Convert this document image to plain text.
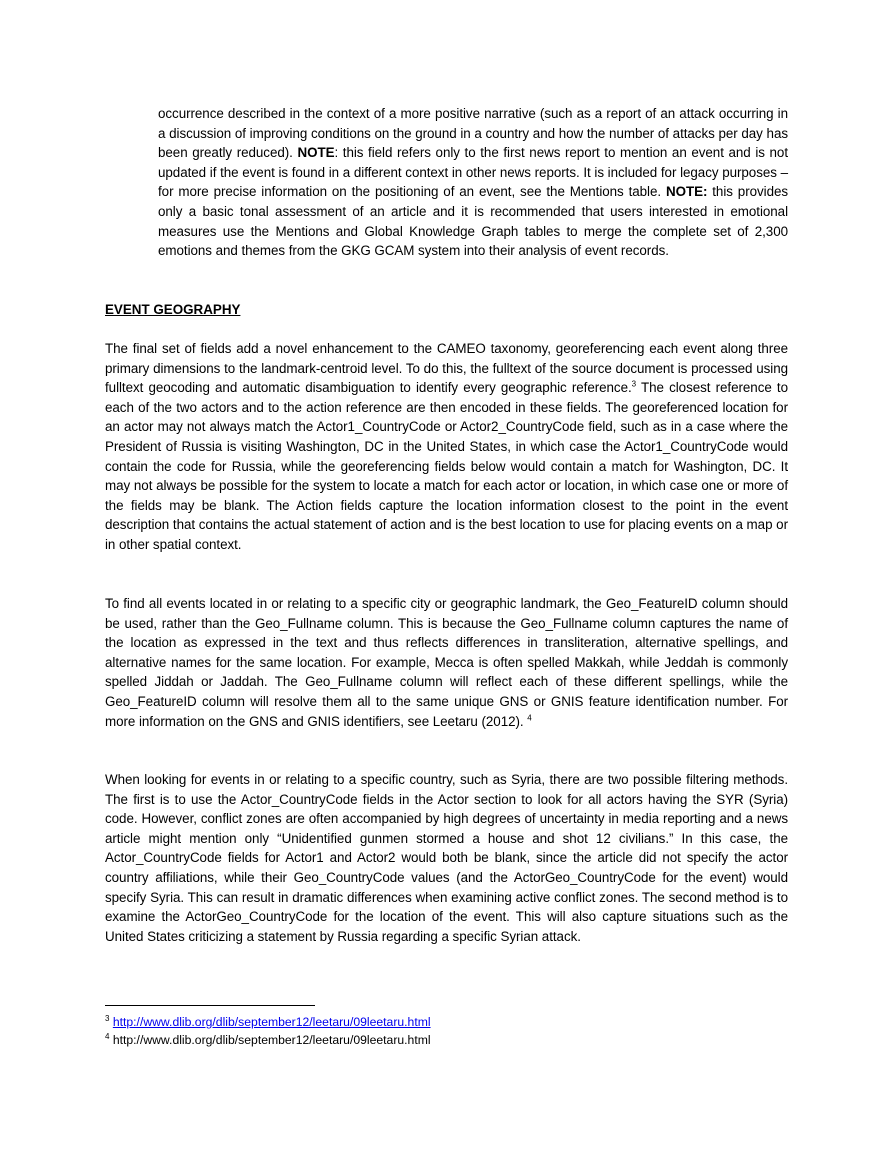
occurrence described in the context of a more positive narrative (such as a report of an attack occurring in a discussion of improving conditions on the ground in a country and how the number of attacks per day has been greatly reduced). NOTE: this field refers only to the first news report to mention an event and is not updated if the event is found in a different context in other news reports. It is included for legacy purposes – for more precise information on the positioning of an event, see the Mentions table. NOTE: this provides only a basic tonal assessment of an article and it is recommended that users interested in emotional measures use the Mentions and Global Knowledge Graph tables to merge the complete set of 2,300 emotions and themes from the GKG GCAM system into their analysis of event records.

EVENT GEOGRAPHY

The final set of fields add a novel enhancement to the CAMEO taxonomy, georeferencing each event along three primary dimensions to the landmark-centroid level. To do this, the fulltext of the source document is processed using fulltext geocoding and automatic disambiguation to identify every geographic reference.$^3$ The closest reference to each of the two actors and to the action reference are then encoded in these fields. The georeferenced location for an actor may not always match the Actor1_CountryCode or Actor2_CountryCode field, such as in a case where the President of Russia is visiting Washington, DC in the United States, in which case the Actor1_CountryCode would contain the code for Russia, while the georeferencing fields below would contain a match for Washington, DC. It may not always be possible for the system to locate a match for each actor or location, in which case one or more of the fields may be blank. The Action fields capture the location information closest to the point in the event description that contains the actual statement of action and is the best location to use for placing events on a map or in other spatial context.

To find all events located in or relating to a specific city or geographic landmark, the Geo_FeatureID column should be used, rather than the Geo_Fullname column. This is because the Geo_Fullname column captures the name of the location as expressed in the text and thus reflects differences in transliteration, alternative spellings, and alternative names for the same location. For example, Mecca is often spelled Makkah, while Jeddah is commonly spelled Jiddah or Jaddah. The Geo_Fullname column will reflect each of these different spellings, while the Geo_FeatureID column will resolve them all to the same unique GNS or GNIS feature identification number. For more information on the GNS and GNIS identifiers, see Leetaru (2012). $^4$

When looking for events in or relating to a specific country, such as Syria, there are two possible filtering methods. The first is to use the Actor_CountryCode fields in the Actor section to look for all actors having the SYR (Syria) code. However, conflict zones are often accompanied by high degrees of uncertainty in media reporting and a news article might mention only “Unidentified gunmen stormed a house and shot 12 civilians.” In this case, the Actor_CountryCode fields for Actor1 and Actor2 would both be blank, since the article did not specify the actor country affiliations, while their Geo_CountryCode values (and the ActorGeo_CountryCode for the event) would specify Syria. This can result in dramatic differences when examining active conflict zones. The second method is to examine the ActorGeo_CountryCode for the location of the event. This will also capture situations such as the United States criticizing a statement by Russia regarding a specific Syrian attack.

$^3$ http://www.dlib.org/dlib/september12/leetaru/09leetaru.html

$^4$ http://www.dlib.org/dlib/september12/leetaru/09leetaru.html
